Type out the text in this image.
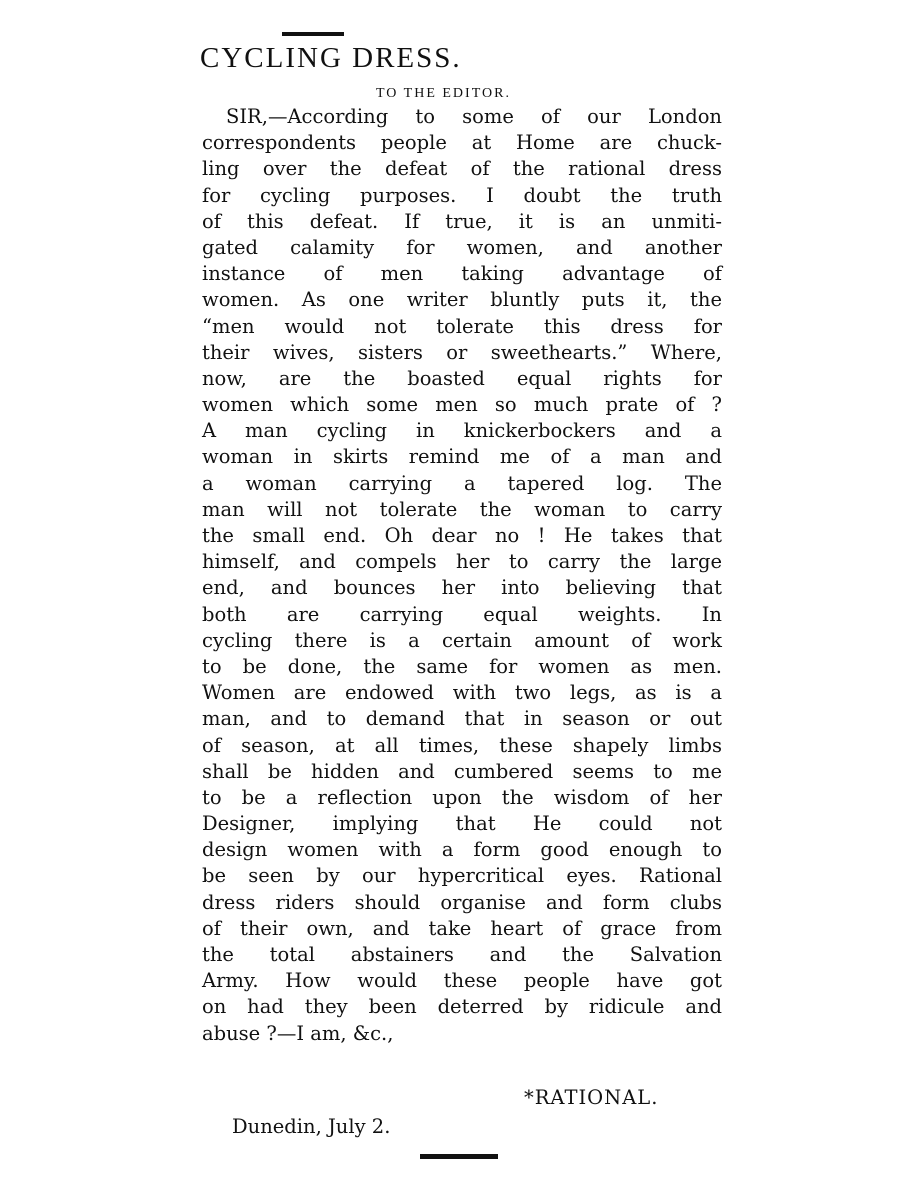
CYCLING DRESS.
TO THE EDITOR.
SIR,—According to some of our London
correspondents people at Home are chuck-
ling over the defeat of the rational dress
for cycling purposes. I doubt the truth
of this defeat. If true, it is an unmiti-
gated calamity for women, and another
instance of men taking advantage of
women. As one writer bluntly puts it, the
“men would not tolerate this dress for
their wives, sisters or sweethearts.” Where,
now, are the boasted equal rights for
women which some men so much prate of ?
A man cycling in knickerbockers and a
woman in skirts remind me of a man and
a woman carrying a tapered log. The
man will not tolerate the woman to carry
the small end. Oh dear no ! He takes that
himself, and compels her to carry the large
end, and bounces her into believing that
both are carrying equal weights. In
cycling there is a certain amount of work
to be done, the same for women as men.
Women are endowed with two legs, as is a
man, and to demand that in season or out
of season, at all times, these shapely limbs
shall be hidden and cumbered seems to me
to be a reflection upon the wisdom of her
Designer, implying that He could not
design women with a form good enough to
be seen by our hypercritical eyes. Rational
dress riders should organise and form clubs
of their own, and take heart of grace from
the total abstainers and the Salvation
Army. How would these people have got
on had they been deterred by ridicule and
abuse ?—I am, &c.,
*RATIONAL.
Dunedin, July 2.
